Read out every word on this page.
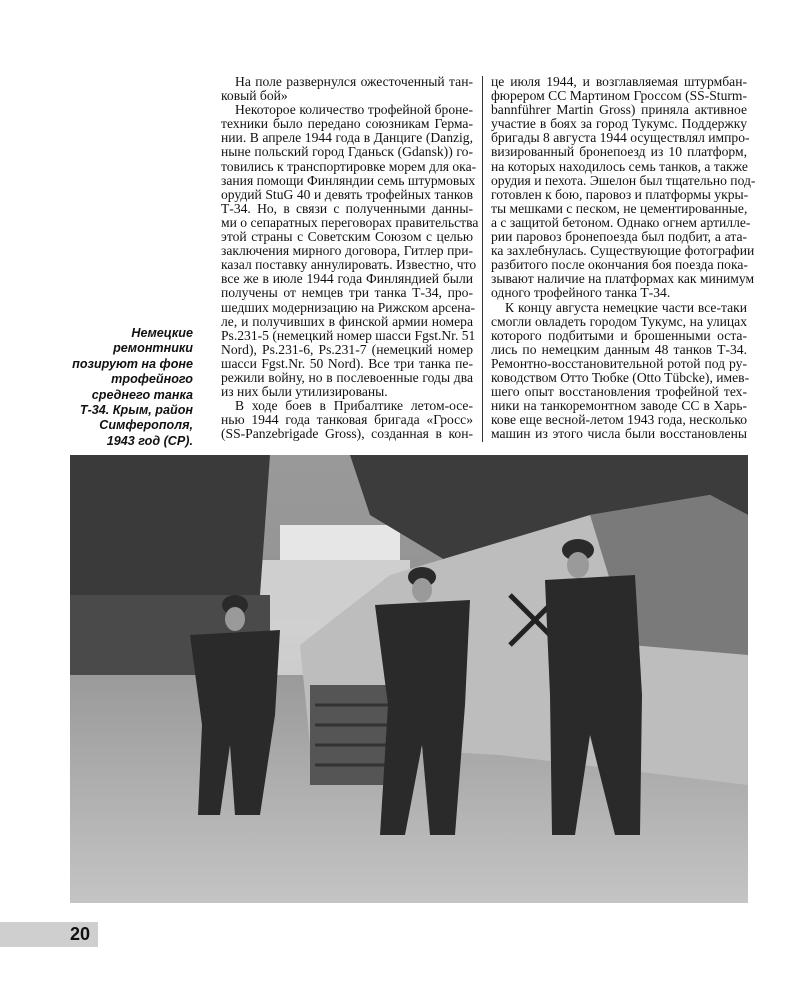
На поле развернулся ожесточенный тан-
ковый бой»
Некоторое количество трофейной броне-
техники было передано союзникам Герма-
нии. В апреле 1944 года в Данциге (Danzig,
ныне польский город Гданьск (Gdansk)) го-
товились к транспортировке морем для ока-
зания помощи Финляндии семь штурмовых
орудий StuG 40 и девять трофейных танков
Т-34. Но, в связи с полученными данны-
ми о сепаратных переговорах правительства
этой страны с Советским Союзом с целью
заключения мирного договора, Гитлер при-
казал поставку аннулировать. Известно, что
все же в июле 1944 года Финляндией были
получены от немцев три танка Т-34, про-
шедших модернизацию на Рижском арсена-
ле, и получивших в финской армии номера
Ps.231-5 (немецкий номер шасси Fgst.Nr. 51
Nord), Ps.231-6, Ps.231-7 (немецкий номер
шасси Fgst.Nr. 50 Nord). Все три танка пе-
режили войну, но в послевоенные годы два
из них были утилизированы.
В ходе боев в Прибалтике летом-осе-
нью 1944 года танковая бригада «Гросс»
(SS-Panzebrigade Gross), созданная в кон-
це июля 1944, и возглавляемая штурмбан-
фюрером СС Мартином Гроссом (SS-Sturm-
bannführer Martin Gross) приняла активное
участие в боях за город Тукумс. Поддержку
бригады 8 августа 1944 осуществлял импро-
визированный бронепоезд из 10 платформ,
на которых находилось семь танков, а также
орудия и пехота. Эшелон был тщательно под-
готовлен к бою, паровоз и платформы укры-
ты мешками с песком, не цементированные,
а с защитой бетоном. Однако огнем артилле-
рии паровоз бронепоезда был подбит, а ата-
ка захлебнулась. Существующие фотографии
разбитого после окончания боя поезда пока-
зывают наличие на платформах как минимум
одного трофейного танка Т-34.
К концу августа немецкие части все-таки
смогли овладеть городом Тукумс, на улицах
которого подбитыми и брошенными оста-
лись по немецким данным 48 танков Т-34.
Ремонтно-восстановительной ротой под ру-
ководством Отто Тюбке (Otto Tübcke), имев-
шего опыт восстановления трофейной тех-
ники на танкоремонтном заводе СС в Харь-
кове еще весной-летом 1943 года, несколько
машин из этого числа были восстановлены
Немецкие
ремонтники
позируют на фоне
трофейного
среднего танка
Т-34. Крым, район
Симферополя,
1943 год (СР).
20
